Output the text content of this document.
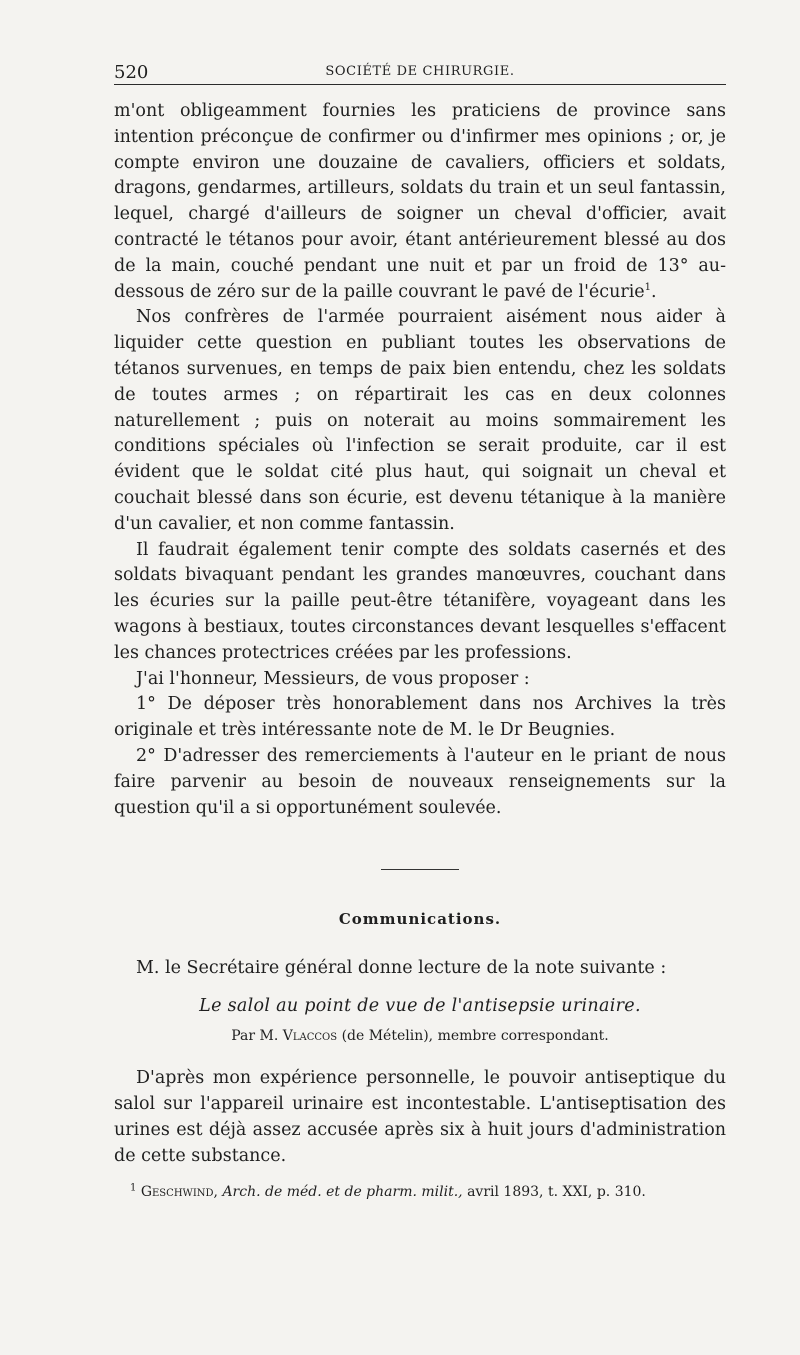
520	SOCIÉTÉ DE CHIRURGIE.

m'ont obligeamment fournies les praticiens de province sans intention préconçue de confirmer ou d'infirmer mes opinions ; or, je compte environ une douzaine de cavaliers, officiers et soldats, dragons, gendarmes, artilleurs, soldats du train et un seul fantassin, lequel, chargé d'ailleurs de soigner un cheval d'officier, avait contracté le tétanos pour avoir, étant antérieurement blessé au dos de la main, couché pendant une nuit et par un froid de 13° au-dessous de zéro sur de la paille couvrant le pavé de l'écurie$^1$.

Nos confrères de l'armée pourraient aisément nous aider à liquider cette question en publiant toutes les observations de tétanos survenues, en temps de paix bien entendu, chez les soldats de toutes armes ; on répartirait les cas en deux colonnes naturellement ; puis on noterait au moins sommairement les conditions spéciales où l'infection se serait produite, car il est évident que le soldat cité plus haut, qui soignait un cheval et couchait blessé dans son écurie, est devenu tétanique à la manière d'un cavalier, et non comme fantassin.

Il faudrait également tenir compte des soldats casernés et des soldats bivaquant pendant les grandes manœuvres, couchant dans les écuries sur la paille peut-être tétanifère, voyageant dans les wagons à bestiaux, toutes circonstances devant lesquelles s'effacent les chances protectrices créées par les professions.

J'ai l'honneur, Messieurs, de vous proposer :

1° De déposer très honorablement dans nos Archives la très originale et très intéressante note de M. le Dr Beugnies.

2° D'adresser des remerciements à l'auteur en le priant de nous faire parvenir au besoin de nouveaux renseignements sur la question qu'il a si opportunément soulevée.

Communications.
M. le Secrétaire général donne lecture de la note suivante :
Le salol au point de vue de l'antisepsie urinaire.
Par M. Vlaccos (de Mételin), membre correspondant.

D'après mon expérience personnelle, le pouvoir antiseptique du salol sur l'appareil urinaire est incontestable. L'antiseptisation des urines est déjà assez accusée après six à huit jours d'administration de cette substance.

$^1$ Geschwind, Arch. de méd. et de pharm. milit., avril 1893, t. XXI, p. 310.
